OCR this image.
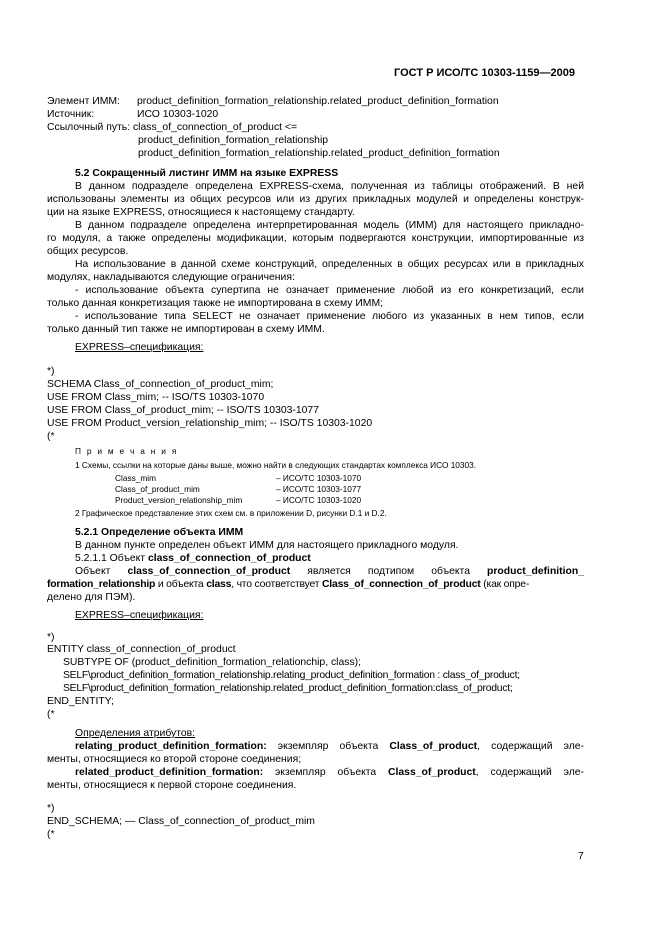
ГОСТ Р ИСО/ТС 10303-1159—2009
Элемент ИММ: product_definition_formation_relationship.related_product_definition_formation
Источник:	ИСО 10303-1020
Ссылочный путь: class_of_connection_of_product <=
product_definition_formation_relationship
product_definition_formation_relationship.related_product_definition_formation
5.2 Сокращенный листинг ИММ на языке EXPRESS
В данном подразделе определена EXPRESS-схема, полученная из таблицы отображений. В ней
использованы элементы из общих ресурсов или из других прикладных модулей и определены конструк-
ции на языке EXPRESS, относящиеся к настоящему стандарту.
В данном подразделе определена интерпретированная модель (ИММ) для настоящего прикладно-
го модуля, а также определены модификации, которым подвергаются конструкции, импортированные из
общих ресурсов.
На использование в данной схеме конструкций, определенных в общих ресурсах или в прикладных
модулях, накладываются следующие ограничения:
- использование объекта супертипа не означает применение любой из его конкретизаций, если
только данная конкретизация также не импортирована в схему ИММ;
- использование типа SELECT не означает применение любого из указанных в нем типов, если
только данный тип также не импортирован в схему ИММ.
EXPRESS–спецификация:
*)
SCHEMA Class_of_connection_of_product_mim;
USE FROM Class_mim; -- ISO/TS 10303-1070
USE FROM Class_of_product_mim; -- ISO/TS 10303-1077
USE FROM Product_version_relationship_mim; -- ISO/TS 10303-1020
(*
П р и м е ч а н и я
1 Схемы, ссылки на которые даны выше, можно найти в следующих стандартах комплекса ИСО 10303.
Class_mim	– ИСО/ТС 10303-1070
Class_of_product_mim	– ИСО/ТС 10303-1077
Product_version_relationship_mim	– ИСО/ТС 10303-1020
2 Графическое представление этих схем см. в приложении D, рисунки D.1 и D.2.
5.2.1 Определение объекта ИММ
В данном пункте определен объект ИММ для настоящего прикладного модуля.
5.2.1.1 Объект class_of_connection_of_product
Объект class_of_connection_of_product является подтипом объекта product_definition_
formation_relationship и объекта class, что соответствует Class_of_connection_of_product (как опре-
делено для ПЭМ).
EXPRESS–спецификация:
*)
ENTITY class_of_connection_of_product
SUBTYPE OF (product_definition_formation_relationchip, class);
SELF\product_definition_formation_relationship.relating_product_definition_formation : class_of_product;
SELF\product_definition_formation_relationship.related_product_definition_formation:class_of_product;
END_ENTITY;
(*
Определения атрибутов:
relating_product_definition_formation: экземпляр объекта Class_of_product, содержащий эле-
менты, относящиеся ко второй стороне соединения;
related_product_definition_formation: экземпляр объекта Class_of_product, содержащий эле-
менты, относящиеся к первой стороне соединения.
*)
END_SCHEMA; — Class_of_connection_of_product_mim
(*
7
